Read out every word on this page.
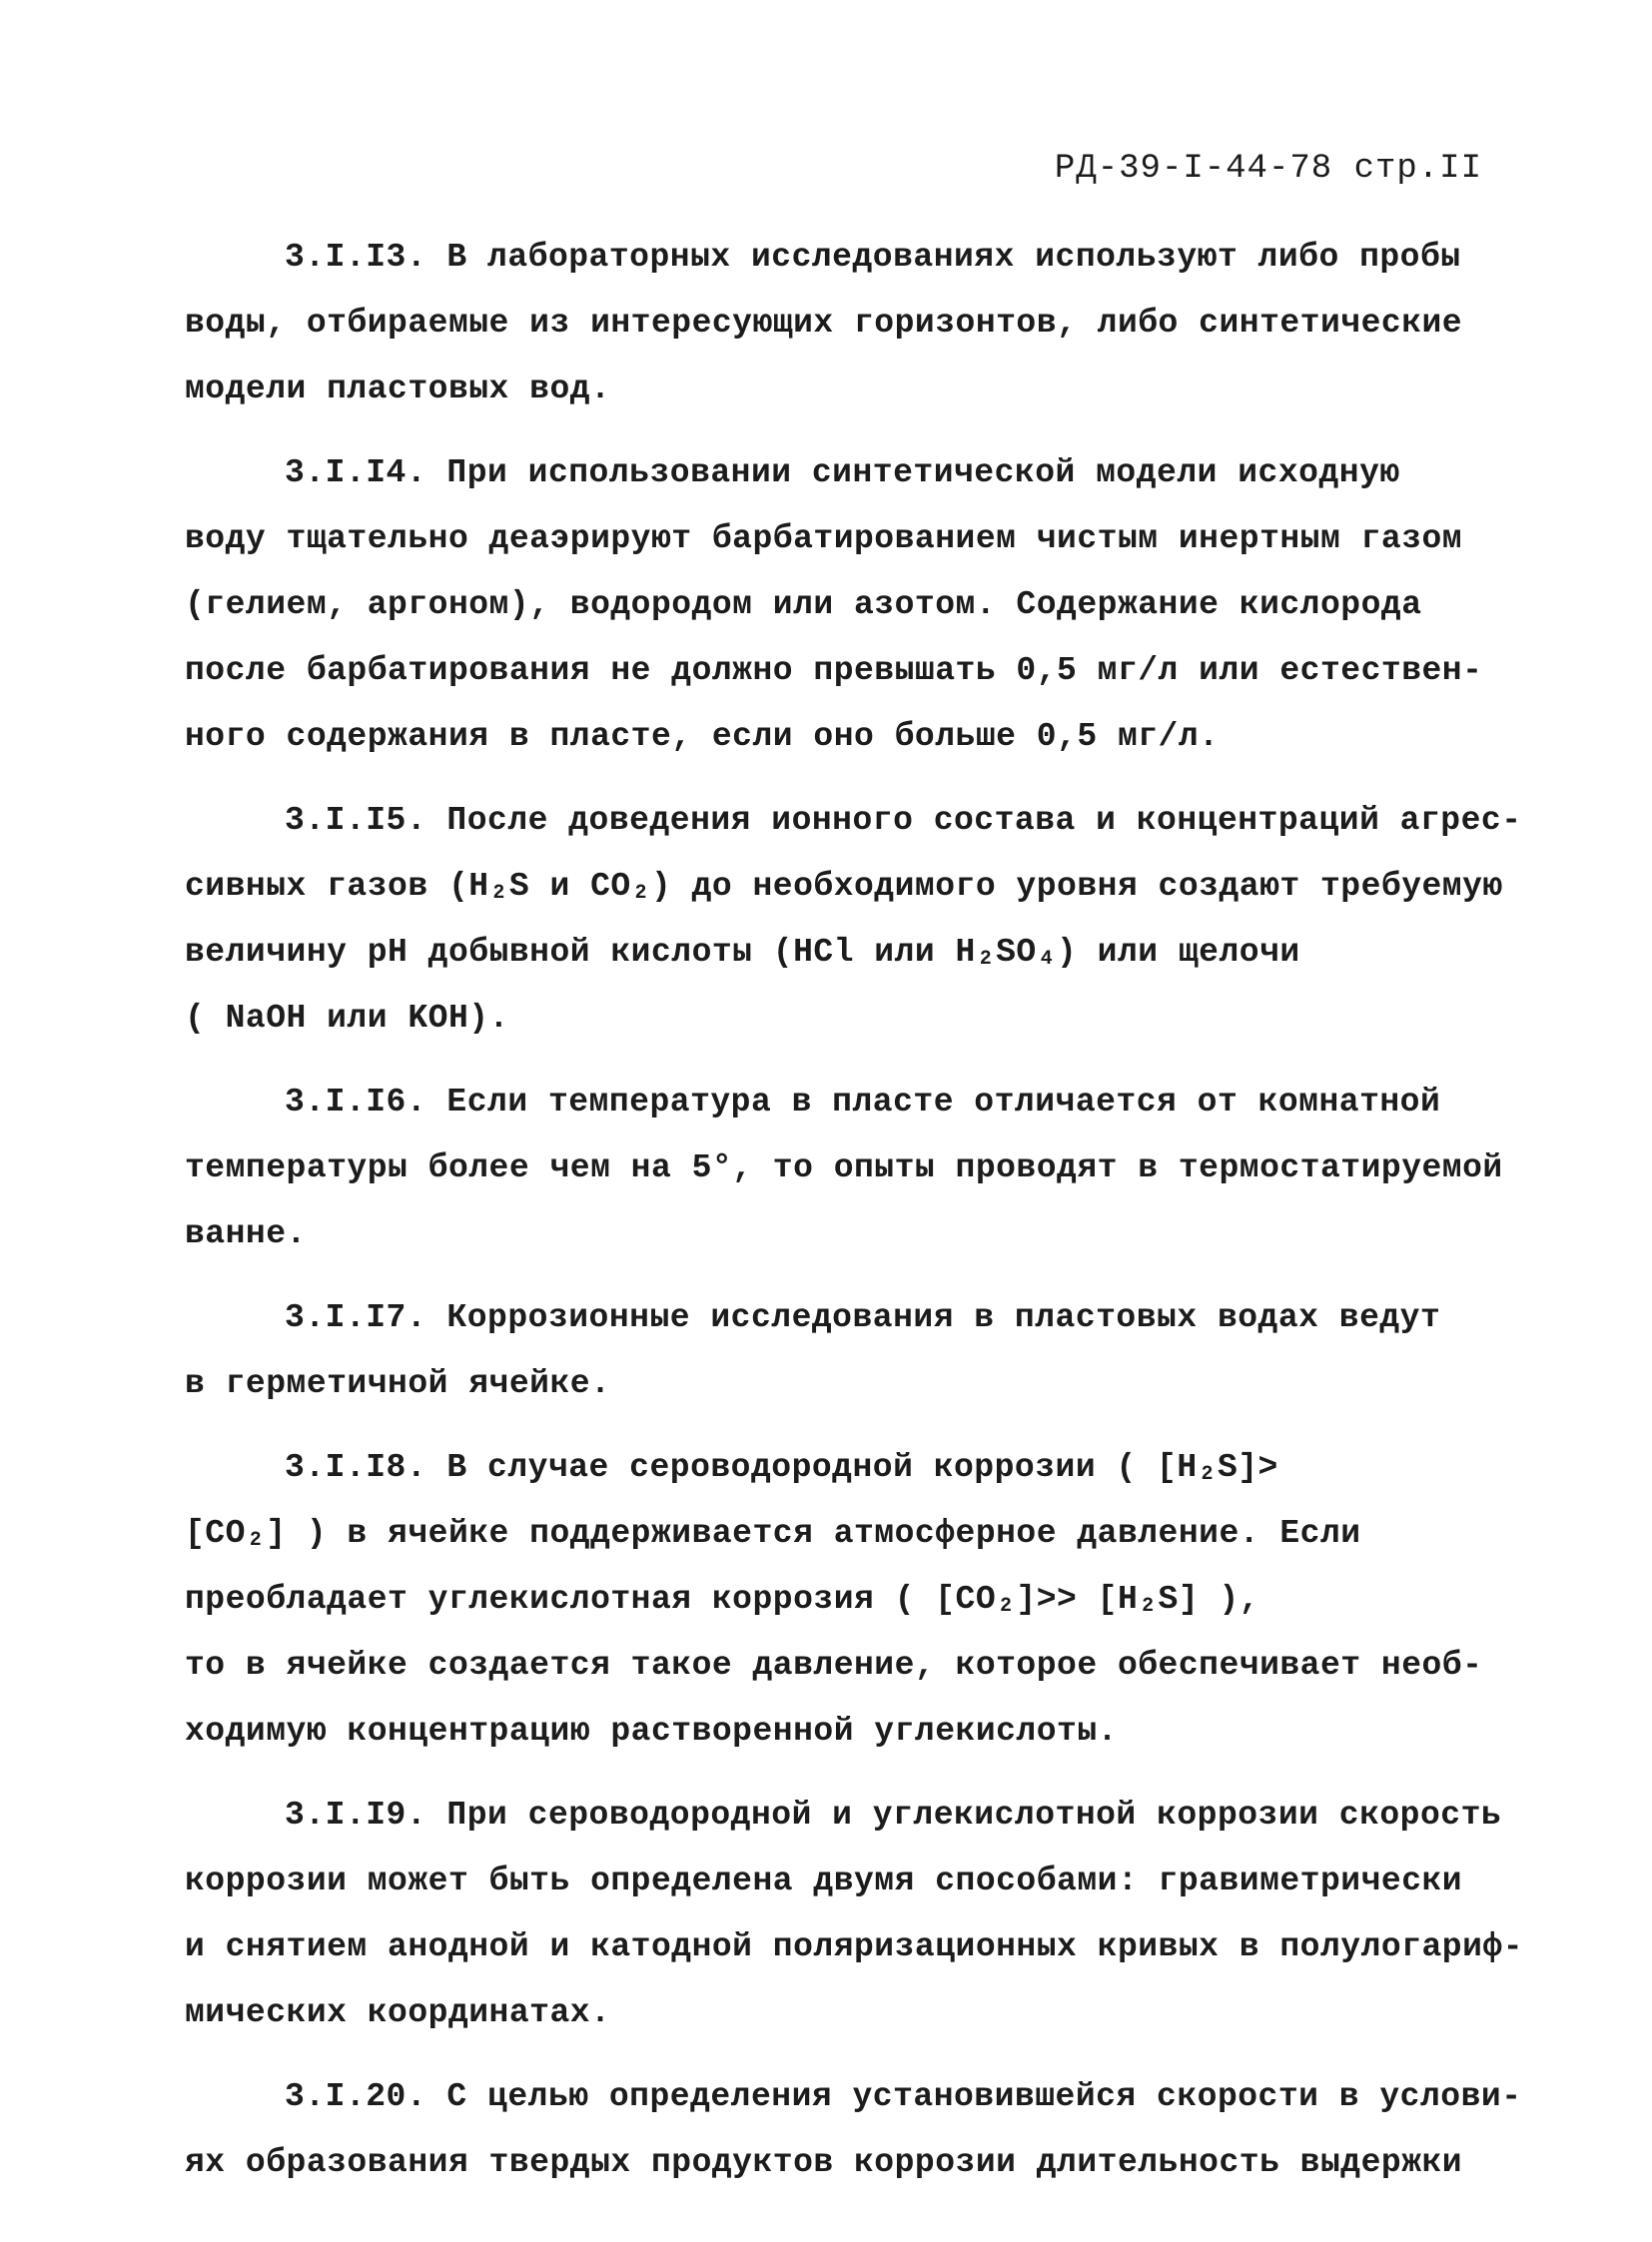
РД-39-I-44-78 стр.II
3.I.I3. В лабораторных исследованиях используют либо пробы
воды, отбираемые из интересующих горизонтов, либо синтетические
модели пластовых вод.
3.I.I4. При использовании синтетической модели исходную
воду тщательно деаэрируют барбатированием чистым инертным газом
(гелием, аргоном), водородом или азотом. Содержание кислорода
после барбатирования не должно превышать 0,5 мг/л или естествен-
ного содержания в пласте, если оно больше 0,5 мг/л.
3.I.I5. После доведения ионного состава и концентраций агрес-
сивных газов (H₂S и CO₂) до необходимого уровня создают требуемую
величину pH добывной кислоты (HCl или H₂SO₄) или щелочи
( NaOH или KOH).
3.I.I6. Если температура в пласте отличается от комнатной
температуры более чем на 5°, то опыты проводят в термостатируемой
ванне.
3.I.I7. Коррозионные исследования в пластовых водах ведут
в герметичной ячейке.
3.I.I8. В случае сероводородной коррозии ( [H₂S]>
[CO₂] ) в ячейке поддерживается атмосферное давление. Если
преобладает углекислотная коррозия ( [CO₂]>> [H₂S] ),
то в ячейке создается такое давление, которое обеспечивает необ-
ходимую концентрацию растворенной углекислоты.
3.I.I9. При сероводородной и углекислотной коррозии скорость
коррозии может быть определена двумя способами: гравиметрически
и снятием анодной и катодной поляризационных кривых в полулогариф-
мических координатах.
3.I.20. С целью определения установившейся скорости в услови-
ях образования твердых продуктов коррозии длительность выдержки
